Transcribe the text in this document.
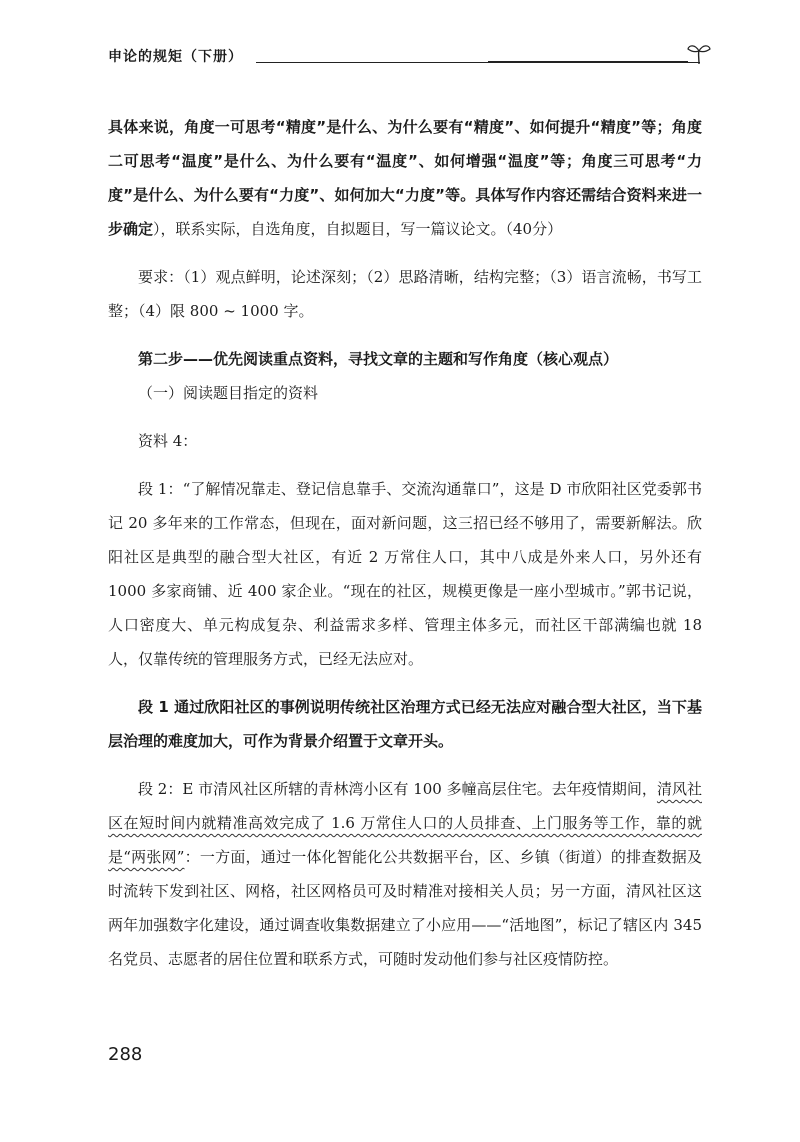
申论的规矩（下册）

具体来说，角度一可思考“精度”是什么、为什么要有“精度”、如何提升“精度”等；角度二可思考“温度”是什么、为什么要有“温度”、如何增强“温度”等；角度三可思考“力度”是什么、为什么要有“力度”、如何加大“力度”等。具体写作内容还需结合资料来进一步确定），联系实际，自选角度，自拟题目，写一篇议论文。（40分）

要求：（1）观点鲜明，论述深刻；（2）思路清晰，结构完整；（3）语言流畅，书写工整；（4）限 800 ~ 1000 字。

第二步——优先阅读重点资料，寻找文章的主题和写作角度（核心观点）

（一）阅读题目指定的资料

资料 4：

段 1：“了解情况靠走、登记信息靠手、交流沟通靠口”，这是 D 市欣阳社区党委郭书记 20 多年来的工作常态，但现在，面对新问题，这三招已经不够用了，需要新解法。欣阳社区是典型的融合型大社区，有近 2 万常住人口，其中八成是外来人口，另外还有 1000 多家商铺、近 400 家企业。“现在的社区，规模更像是一座小型城市。”郭书记说，人口密度大、单元构成复杂、利益需求多样、管理主体多元，而社区干部满编也就 18 人，仅靠传统的管理服务方式，已经无法应对。

段 1 通过欣阳社区的事例说明传统社区治理方式已经无法应对融合型大社区，当下基层治理的难度加大，可作为背景介绍置于文章开头。

段 2：E 市清风社区所辖的青林湾小区有 100 多幢高层住宅。去年疫情期间，清风社区在短时间内就精准高效完成了 1.6 万常住人口的人员排查、上门服务等工作，靠的就是“两张网”：一方面，通过一体化智能化公共数据平台，区、乡镇（街道）的排查数据及时流转下发到社区、网格，社区网格员可及时精准对接相关人员；另一方面，清风社区这两年加强数字化建设，通过调查收集数据建立了小应用——“活地图”，标记了辖区内 345 名党员、志愿者的居住位置和联系方式，可随时发动他们参与社区疫情防控。

288
